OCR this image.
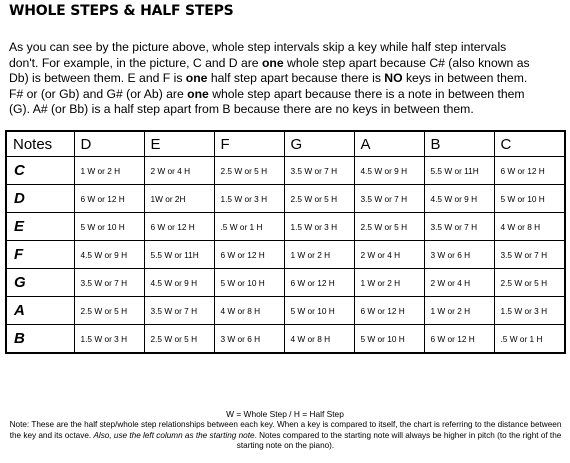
WHOLE STEPS & HALF STEPS
As you can see by the picture above, whole step intervals skip a key while half step intervals
don't. For example, in the picture, C and D are one whole step apart because C# (also known as
Db) is between them. E and F is one half step apart because there is NO keys in between them.
F# or (or Gb) and G# (or Ab) are one whole step apart because there is a note in between them
(G). A# (or Bb) is a half step apart from B because there are no keys in between them.
Notes	D	E	F	G	A	B	C
C	1 W or 2 H	2 W or 4 H	2.5 W or 5 H	3.5 W or 7 H	4.5 W or 9 H	5.5 W or 11H	6 W or 12 H
D	6 W or 12 H	1W or 2H	1.5 W or 3 H	2.5 W or 5 H	3.5 W or 7 H	4.5 W or 9 H	5 W or 10 H
E	5 W or 10 H	6 W or 12 H	.5 W or 1 H	1.5 W or 3 H	2.5 W or 5 H	3.5 W or 7 H	4 W or 8 H
F	4.5 W or 9 H	5.5 W or 11H	6 W or 12 H	1 W or 2 H	2 W or 4 H	3 W or 6 H	3.5 W or 7 H
G	3.5 W or 7 H	4.5 W or 9 H	5 W or 10 H	6 W or 12 H	1 W or 2 H	2 W or 4 H	2.5 W or 5 H
A	2.5 W or 5 H	3.5 W or 7 H	4 W or 8 H	5 W or 10 H	6 W or 12 H	1 W or 2 H	1.5 W or 3 H
B	1.5 W or 3 H	2.5 W or 5 H	3 W or 6 H	4 W or 8 H	5 W or 10 H	6 W or 12 H	.5 W or 1 H
W = Whole Step / H = Half Step
Note: These are the half step/whole step relationships between each key. When a key is compared to itself, the chart is referring to the distance between the key and its octave. Also, use the left column as the starting note. Notes compared to the starting note will always be higher in pitch (to the right of the starting note on the piano).
